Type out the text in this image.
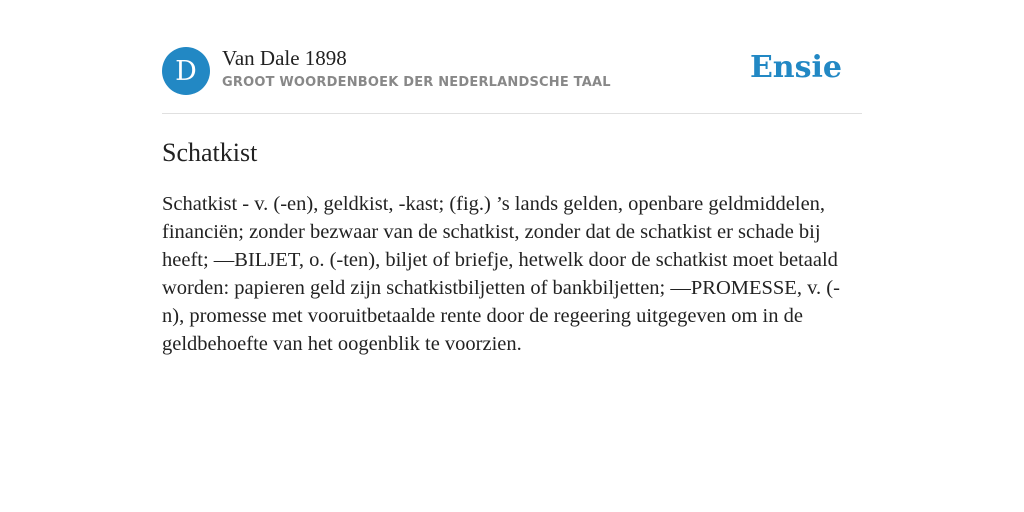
D Van Dale 1898
GROOT WOORDENBOEK DER NEDERLANDSCHE TAAL	Ensie
Schatkist

Schatkist - v. (-en), geldkist, -kast; (fig.) ’s lands gelden, openbare geldmiddelen, financiën; zonder bezwaar van de schatkist, zonder dat de schatkist er schade bij heeft; —BILJET, o. (-ten), biljet of briefje, hetwelk door de schatkist moet betaald worden: papieren geld zijn schatkistbiljetten of bankbiljetten; —PROMESSE, v. (-n), promesse met vooruitbetaalde rente door de regeering uitgegeven om in de geldbehoefte van het oogenblik te voorzien.
